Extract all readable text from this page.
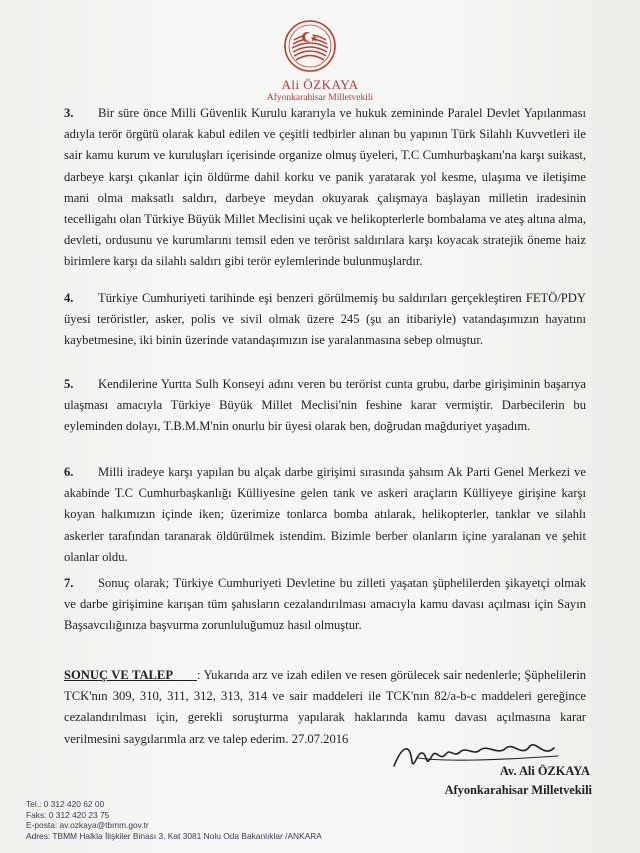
Ali ÖZKAYA
Afyonkarahisar Milletvekili
3. Bir süre önce Milli Güvenlik Kurulu kararıyla ve hukuk zemininde Paralel Devlet Yapılanması adıyla terör örgütü olarak kabul edilen ve çeşitli tedbirler alınan bu yapının Türk Silahlı Kuvvetleri ile sair kamu kurum ve kuruluşları içerisinde organize olmuş üyeleri, T.C Cumhurbaşkanı'na karşı suikast, darbeye karşı çıkanlar için öldürme dahil korku ve panik yaratarak yol kesme, ulaşıma ve iletişime mani olma maksatlı saldırı, darbeye meydan okuyarak çalışmaya başlayan milletin iradesinin tecelligahı olan Türkiye Büyük Millet Meclisini uçak ve helikopterlerle bombalama ve ateş altına alma, devleti, ordusunu ve kurumlarını temsil eden ve terörist saldırılara karşı koyacak stratejik öneme haiz birimlere karşı da silahlı saldırı gibi terör eylemlerinde bulunmuşlardır.
4. Türkiye Cumhuriyeti tarihinde eşi benzeri görülmemiş bu saldırıları gerçekleştiren FETÖ/PDY üyesi teröristler, asker, polis ve sivil olmak üzere 245 (şu an itibariyle) vatandaşımızın hayatını kaybetmesine, iki binin üzerinde vatandaşımızın ise yaralanmasına sebep olmuştur.
5. Kendilerine Yurtta Sulh Konseyi adını veren bu terörist cunta grubu, darbe girişiminin başarıya ulaşması amacıyla Türkiye Büyük Millet Meclisi'nin feshine karar vermiştir. Darbecilerin bu eyleminden dolayı, T.B.M.M'nin onurlu bir üyesi olarak ben, doğrudan mağduriyet yaşadım.
6. Milli iradeye karşı yapılan bu alçak darbe girişimi sırasında şahsım Ak Parti Genel Merkezi ve akabinde T.C Cumhurbaşkanlığı Külliyesine gelen tank ve askeri araçların Külliyeye girişine karşı koyan halkımızın içinde iken; üzerimize tonlarca bomba atılarak, helikopterler, tanklar ve silahlı askerler tarafından taranarak öldürülmek istendim. Bizimle berber olanların içine yaralanan ve şehit olanlar oldu.
7. Sonuç olarak; Türkiye Cumhuriyeti Devletine bu zilleti yaşatan şüphelilerden şikayetçi olmak ve darbe girişimine karışan tüm şahısların cezalandırılması amacıyla kamu davası açılması için Sayın Başsavcılığınıza başvurma zorunluluğumuz hasıl olmuştur.
SONUÇ VE TALEP : Yukarıda arz ve izah edilen ve resen görülecek sair nedenlerle; Şüphelilerin TCK'nın 309, 310, 311, 312, 313, 314 ve sair maddeleri ile TCK'nın 82/a-b-c maddeleri gereğince cezalandırılması için, gerekli soruşturma yapılarak haklarında kamu davası açılmasına karar verilmesini saygılarımla arz ve talep ederim. 27.07.2016
Av. Ali ÖZKAYA
Afyonkarahisar Milletvekili
Tel.: 0 312 420 62 00
Faks: 0 312 420 23 75
E-posta: av.ozkaya@tbmm.gov.tr
Adres: TBMM Halkla İlişkiler Binası 3. Kat 3081 Nolu Oda Bakanlıklar /ANKARA
